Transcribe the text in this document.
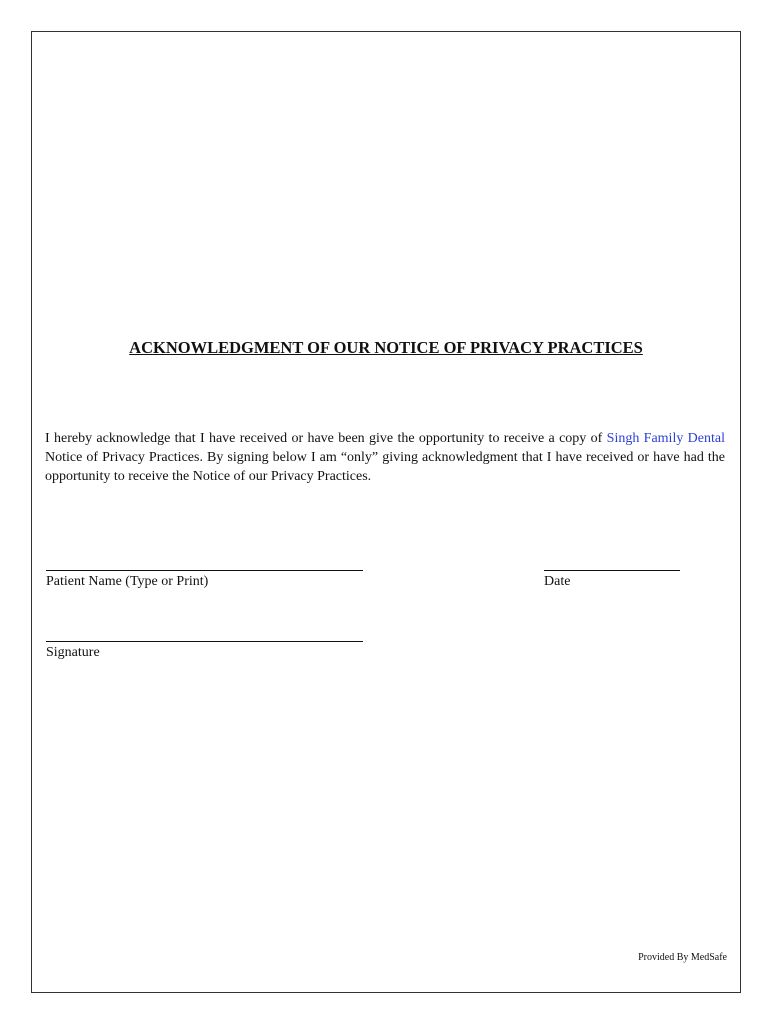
ACKNOWLEDGMENT OF OUR NOTICE OF PRIVACY PRACTICES
I hereby acknowledge that I have received or have been give the opportunity to receive a copy of Singh Family Dental Notice of Privacy Practices. By signing below I am “only” giving acknowledgment that I have received or have had the opportunity to receive the Notice of our Privacy Practices.
Patient Name (Type or Print)	Date
Signature
Provided By MedSafe
